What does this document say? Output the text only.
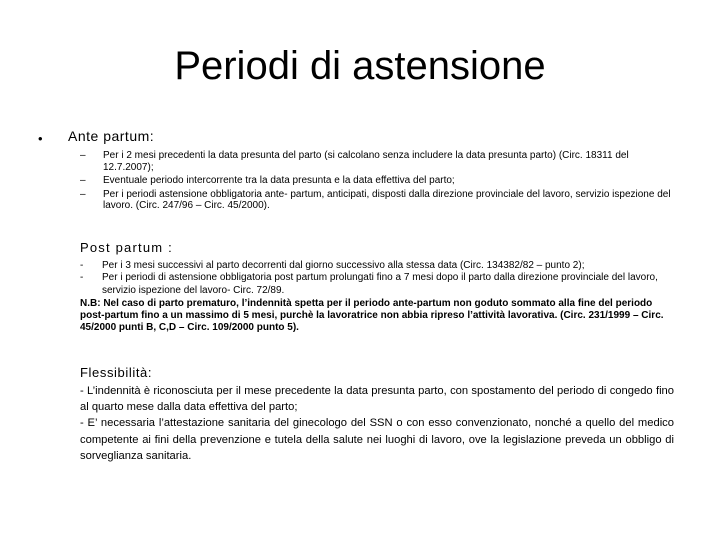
Periodi di astensione
• Ante partum:
– Per i 2 mesi precedenti la data presunta del parto (si calcolano senza includere la data presunta parto) (Circ. 18311 del 12.7.2007);
– Eventuale periodo intercorrente tra la data presunta e la data effettiva del parto;
– Per i periodi astensione obbligatoria ante- partum, anticipati, disposti dalla direzione provinciale del lavoro, servizio ispezione del lavoro. (Circ. 247/96 – Circ. 45/2000).
Post partum :
- Per i 3 mesi successivi al parto decorrenti dal giorno successivo alla stessa data (Circ. 134382/82 – punto 2);
- Per i periodi di astensione obbligatoria post partum prolungati fino a 7 mesi dopo il parto dalla direzione provinciale del lavoro, servizio ispezione del lavoro- Circ. 72/89.
N.B: Nel caso di parto prematuro, l’indennità spetta per il periodo ante-partum non goduto sommato alla fine del periodo post-partum fino a un massimo di 5 mesi, purchè la lavoratrice non abbia ripreso l’attività lavorativa. (Circ. 231/1999 – Circ. 45/2000 punti B, C,D – Circ. 109/2000 punto 5).
Flessibilità:

- L’indennità è riconosciuta per il mese precedente la data presunta parto, con spostamento del periodo di congedo fino al quarto mese dalla data effettiva del parto;

- E’ necessaria l’attestazione sanitaria del ginecologo del SSN o con esso convenzionato, nonché a quello del medico competente ai fini della prevenzione e tutela della salute nei luoghi di lavoro, ove la legislazione preveda un obbligo di sorveglianza sanitaria.
